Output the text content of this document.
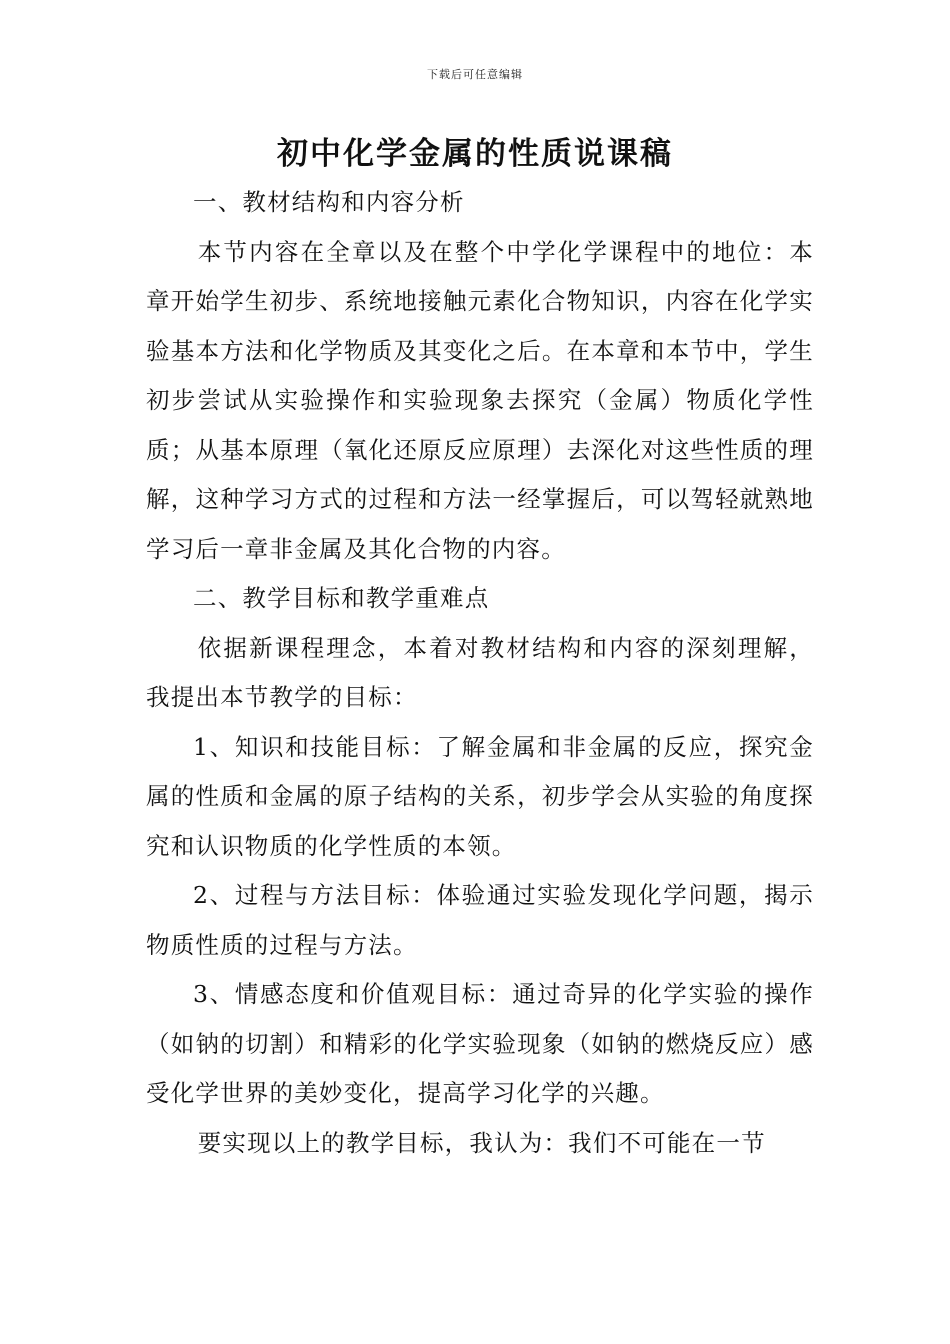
下载后可任意编辑
初中化学金属的性质说课稿

一、教材结构和内容分析

本节内容在全章以及在整个中学化学课程中的地位：本章开始学生初步、系统地接触元素化合物知识，内容在化学实验基本方法和化学物质及其变化之后。在本章和本节中，学生初步尝试从实验操作和实验现象去探究（金属）物质化学性质；从基本原理（氧化还原反应原理）去深化对这些性质的理解，这种学习方式的过程和方法一经掌握后，可以驾轻就熟地学习后一章非金属及其化合物的内容。

二、教学目标和教学重难点

依据新课程理念，本着对教材结构和内容的深刻理解，我提出本节教学的目标：

1、知识和技能目标：了解金属和非金属的反应，探究金属的性质和金属的原子结构的关系，初步学会从实验的角度探究和认识物质的化学性质的本领。

2、过程与方法目标：体验通过实验发现化学问题，揭示物质性质的过程与方法。

3、情感态度和价值观目标：通过奇异的化学实验的操作（如钠的切割）和精彩的化学实验现象（如钠的燃烧反应）感受化学世界的美妙变化，提高学习化学的兴趣。

要实现以上的教学目标，我认为：我们不可能在一节
